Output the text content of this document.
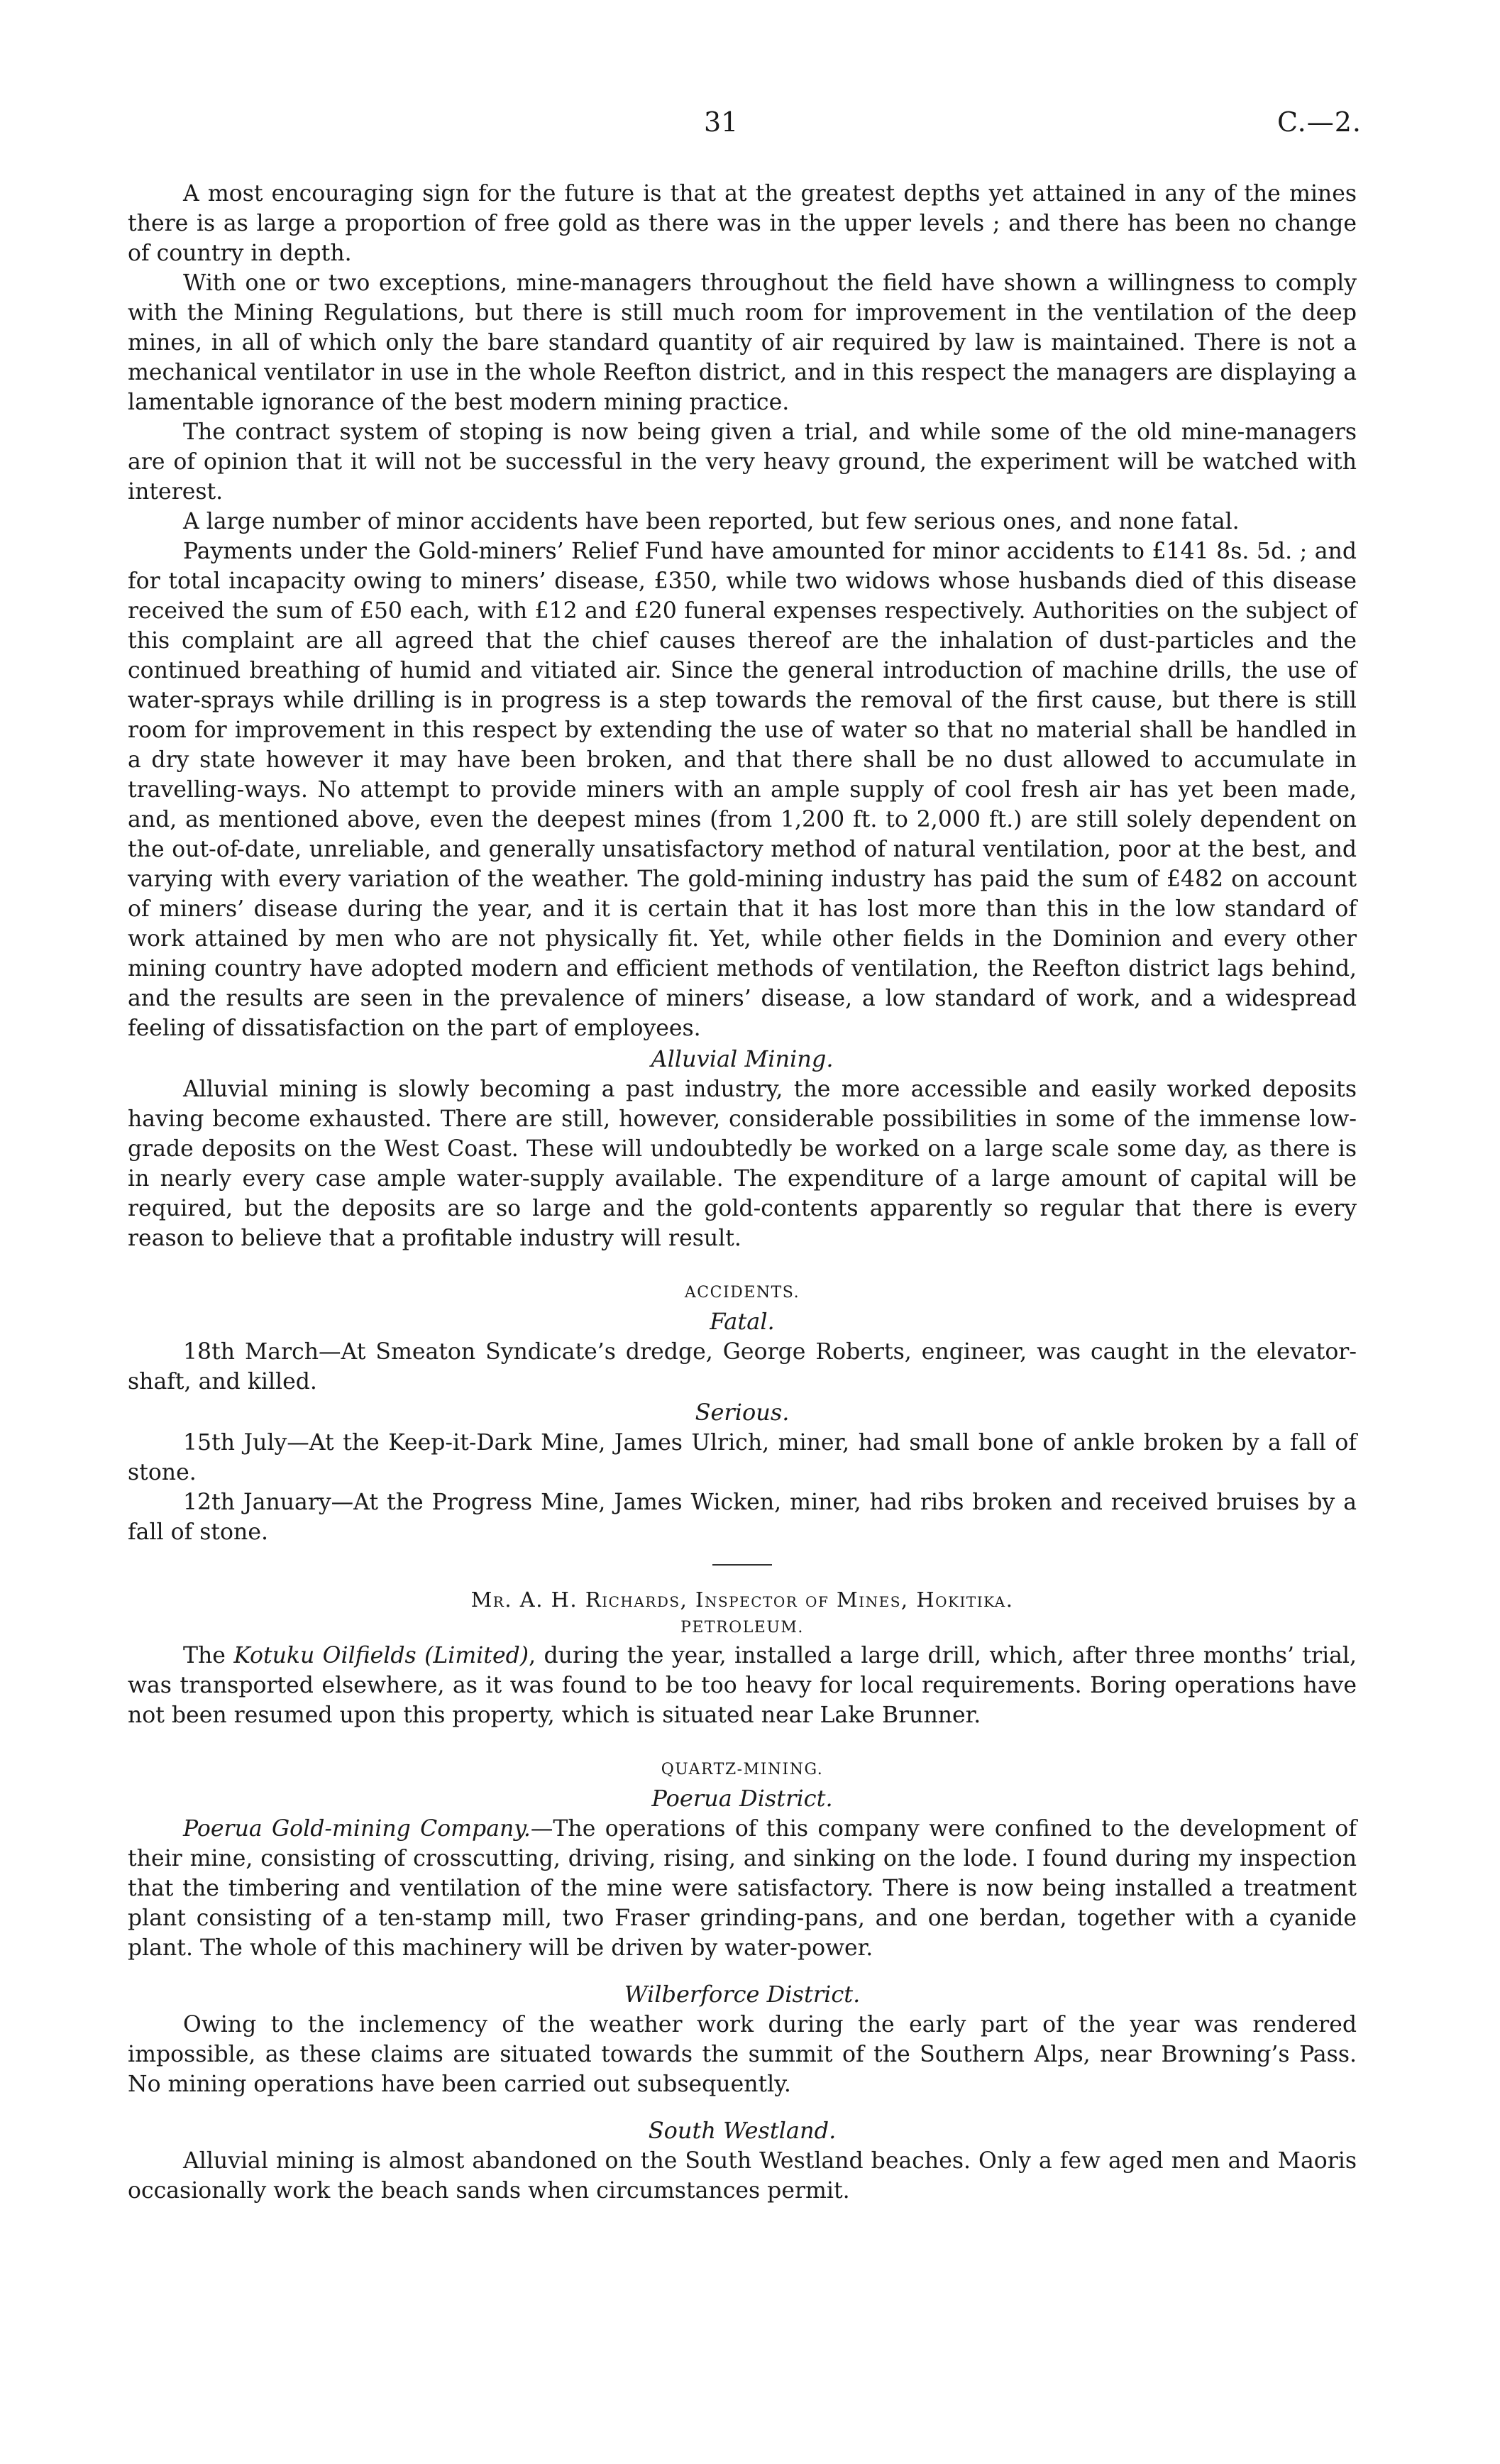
31	C.—2.

A most encouraging sign for the future is that at the greatest depths yet attained in any of the mines there is as large a proportion of free gold as there was in the upper levels ; and there has been no change of country in depth.

With one or two exceptions, mine-managers throughout the field have shown a willingness to comply with the Mining Regulations, but there is still much room for improvement in the ventilation of the deep mines, in all of which only the bare standard quantity of air required by law is maintained. There is not a mechanical ventilator in use in the whole Reefton district, and in this respect the managers are displaying a lamentable ignorance of the best modern mining practice.

The contract system of stoping is now being given a trial, and while some of the old mine-managers are of opinion that it will not be successful in the very heavy ground, the experiment will be watched with interest.

A large number of minor accidents have been reported, but few serious ones, and none fatal.

Payments under the Gold-miners’ Relief Fund have amounted for minor accidents to £141 8s. 5d. ; and for total incapacity owing to miners’ disease, £350, while two widows whose husbands died of this disease received the sum of £50 each, with £12 and £20 funeral expenses respectively. Authorities on the subject of this complaint are all agreed that the chief causes thereof are the inhalation of dust-particles and the continued breathing of humid and vitiated air. Since the general introduction of machine drills, the use of water-sprays while drilling is in progress is a step towards the removal of the first cause, but there is still room for improvement in this respect by extending the use of water so that no material shall be handled in a dry state however it may have been broken, and that there shall be no dust allowed to accumulate in travelling-ways. No attempt to provide miners with an ample supply of cool fresh air has yet been made, and, as mentioned above, even the deepest mines (from 1,200 ft. to 2,000 ft.) are still solely dependent on the out-of-date, unreliable, and generally unsatisfactory method of natural ventilation, poor at the best, and varying with every variation of the weather. The gold-mining industry has paid the sum of £482 on account of miners’ disease during the year, and it is certain that it has lost more than this in the low standard of work attained by men who are not physically fit. Yet, while other fields in the Dominion and every other mining country have adopted modern and efficient methods of ventilation, the Reefton district lags behind, and the results are seen in the prevalence of miners’ disease, a low standard of work, and a widespread feeling of dissatisfaction on the part of employees.

Alluvial Mining.

Alluvial mining is slowly becoming a past industry, the more accessible and easily worked deposits having become exhausted. There are still, however, considerable possibilities in some of the immense low-grade deposits on the West Coast. These will undoubtedly be worked on a large scale some day, as there is in nearly every case ample water-supply available. The expenditure of a large amount of capital will be required, but the deposits are so large and the gold-contents apparently so regular that there is every reason to believe that a profitable industry will result.

ACCIDENTS.
Fatal.

18th March—At Smeaton Syndicate’s dredge, George Roberts, engineer, was caught in the elevator-shaft, and killed.

Serious.

15th July—At the Keep-it-Dark Mine, James Ulrich, miner, had small bone of ankle broken by a fall of stone.

12th January—At the Progress Mine, James Wicken, miner, had ribs broken and received bruises by a fall of stone.

Mr. A. H. Richards, Inspector of Mines, Hokitika.
PETROLEUM.

The Kotuku Oilfields (Limited), during the year, installed a large drill, which, after three months’ trial, was transported elsewhere, as it was found to be too heavy for local requirements. Boring operations have not been resumed upon this property, which is situated near Lake Brunner.

QUARTZ-MINING.
Poerua District.

Poerua Gold-mining Company.—The operations of this company were confined to the development of their mine, consisting of crosscutting, driving, rising, and sinking on the lode. I found during my inspection that the timbering and ventilation of the mine were satisfactory. There is now being installed a treatment plant consisting of a ten-stamp mill, two Fraser grinding-pans, and one berdan, together with a cyanide plant. The whole of this machinery will be driven by water-power.

Wilberforce District.

Owing to the inclemency of the weather work during the early part of the year was rendered impossible, as these claims are situated towards the summit of the Southern Alps, near Browning’s Pass. No mining operations have been carried out subsequently.

South Westland.

Alluvial mining is almost abandoned on the South Westland beaches. Only a few aged men and Maoris occasionally work the beach sands when circumstances permit.
